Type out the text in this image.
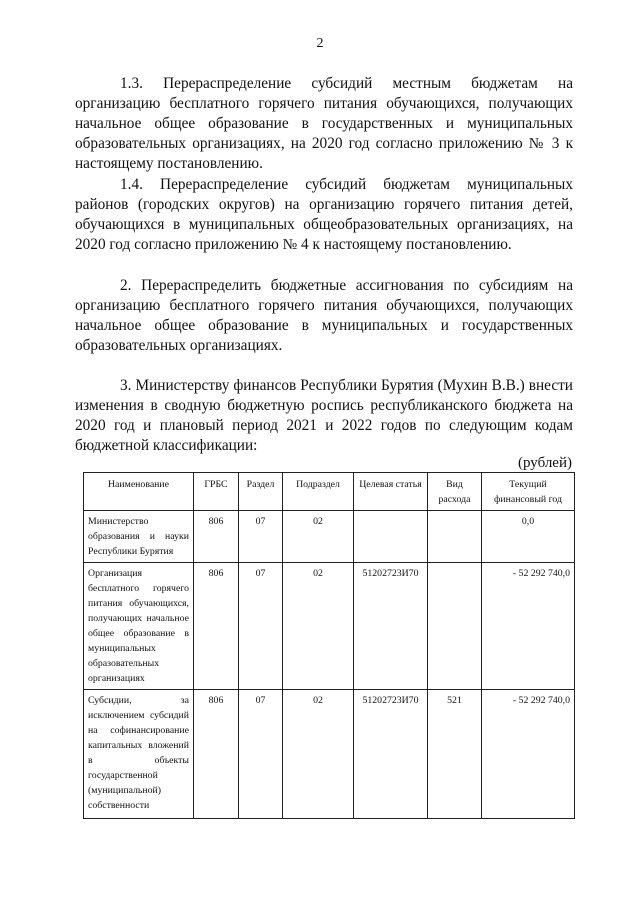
2

1.3. Перераспределение субсидий местным бюджетам на организацию бесплатного горячего питания обучающихся, получающих начальное общее образование в государственных и муниципальных образовательных организациях, на 2020 год согласно приложению № 3 к настоящему постановлению.

1.4. Перераспределение субсидий бюджетам муниципальных районов (городских округов) на организацию горячего питания детей, обучающихся в муниципальных общеобразовательных организациях, на 2020 год согласно приложению № 4 к настоящему постановлению.

2. Перераспределить бюджетные ассигнования по субсидиям на организацию бесплатного горячего питания обучающихся, получающих начальное общее образование в муниципальных и государственных образовательных организациях.

3. Министерству финансов Республики Бурятия (Мухин В.В.) внести изменения в сводную бюджетную роспись республиканского бюджета на 2020 год и плановый период 2021 и 2022 годов по следующим кодам бюджетной классификации:

(рублей)
Наименование	ГРБС	Раздел	Подраздел	Целевая статья	Вид расхода	Текущий финансовый год
Министерство образования и науки Республики Бурятия	806	07	02			0,0
Организация бесплатного горячего питания обучающихся, получающих начальное общее образование в муниципальных образовательных организациях	806	07	02	51202723И70		- 52 292 740,0
Субсидии, за исключением субсидий на софинансирование капитальных вложений в объекты государственной (муниципальной) собственности	806	07	02	51202723И70	521	- 52 292 740,0
